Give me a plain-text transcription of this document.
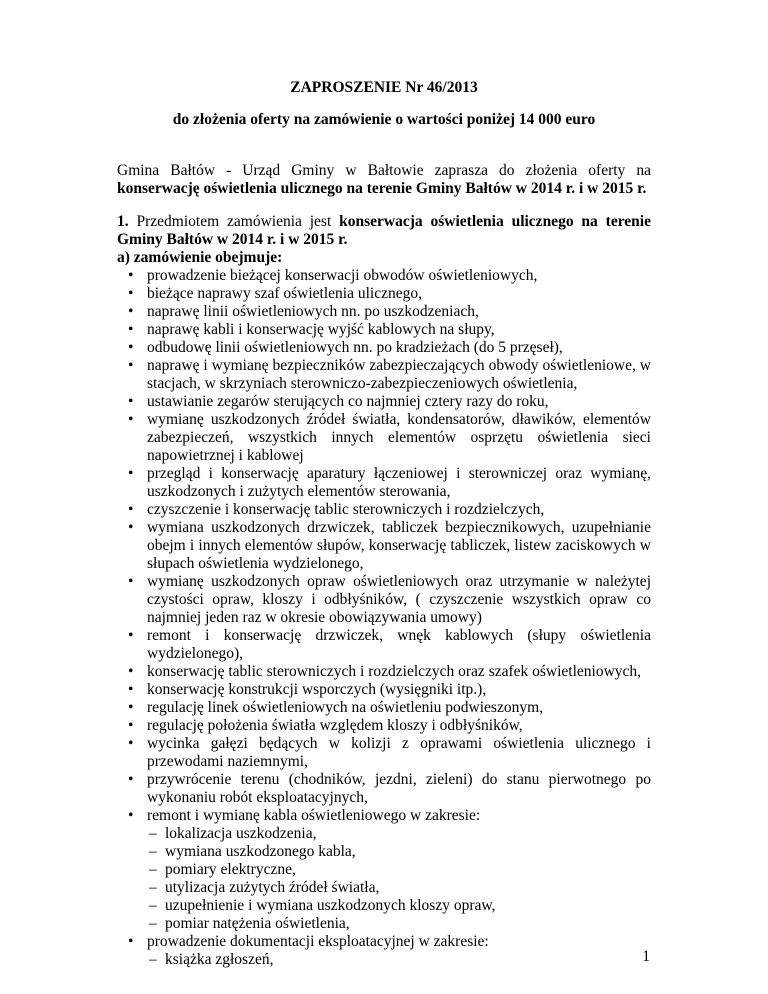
ZAPROSZENIE Nr 46/2013
do złożenia oferty na zamówienie o wartości poniżej 14 000 euro
Gmina Bałtów - Urząd Gminy w Bałtowie zaprasza do złożenia oferty na konserwację oświetlenia ulicznego na terenie Gminy Bałtów w 2014 r. i w 2015 r.
1. Przedmiotem zamówienia jest konserwacja oświetlenia ulicznego na terenie Gminy Bałtów w 2014 r. i w 2015 r.
a) zamówienie obejmuje:
• prowadzenie bieżącej konserwacji obwodów oświetleniowych,
• bieżące naprawy szaf oświetlenia ulicznego,
• naprawę linii oświetleniowych nn. po uszkodzeniach,
• naprawę kabli i konserwację wyjść kablowych na słupy,
• odbudowę linii oświetleniowych nn. po kradzieżach (do 5 przęseł),
• naprawę i wymianę bezpieczników zabezpieczających obwody oświetleniowe, w stacjach, w skrzyniach sterowniczo-zabezpieczeniowych oświetlenia,
• ustawianie zegarów sterujących co najmniej cztery razy do roku,
• wymianę uszkodzonych źródeł światła, kondensatorów, dławików, elementów zabezpieczeń, wszystkich innych elementów osprzętu oświetlenia sieci napowietrznej i kablowej
• przegląd i konserwację aparatury łączeniowej i sterowniczej oraz wymianę, uszkodzonych i zużytych elementów sterowania,
• czyszczenie i konserwację tablic sterowniczych i rozdzielczych,
• wymiana uszkodzonych drzwiczek, tabliczek bezpiecznikowych, uzupełnianie obejm i innych elementów słupów, konserwację tabliczek, listew zaciskowych w słupach oświetlenia wydzielonego,
• wymianę uszkodzonych opraw oświetleniowych oraz utrzymanie w należytej czystości opraw, kloszy i odbłyśników, ( czyszczenie wszystkich opraw co najmniej jeden raz w okresie obowiązywania umowy)
• remont i konserwację drzwiczek, wnęk kablowych (słupy oświetlenia wydzielonego),
• konserwację tablic sterowniczych i rozdzielczych oraz szafek oświetleniowych,
• konserwację konstrukcji wsporczych (wysięgniki itp.),
• regulację linek oświetleniowych na oświetleniu podwieszonym,
• regulację położenia światła względem kloszy i odbłyśników,
• wycinka gałęzi będących w kolizji z oprawami oświetlenia ulicznego i przewodami naziemnymi,
• przywrócenie terenu (chodników, jezdni, zieleni) do stanu pierwotnego po wykonaniu robót eksploatacyjnych,
• remont i wymianę kabla oświetleniowego w zakresie:
– lokalizacja uszkodzenia,
– wymiana uszkodzonego kabla,
– pomiary elektryczne,
– utylizacja zużytych źródeł światła,
– uzupełnienie i wymiana uszkodzonych kloszy opraw,
– pomiar natężenia oświetlenia,
• prowadzenie dokumentacji eksploatacyjnej w zakresie:
– książka zgłoszeń,	1
